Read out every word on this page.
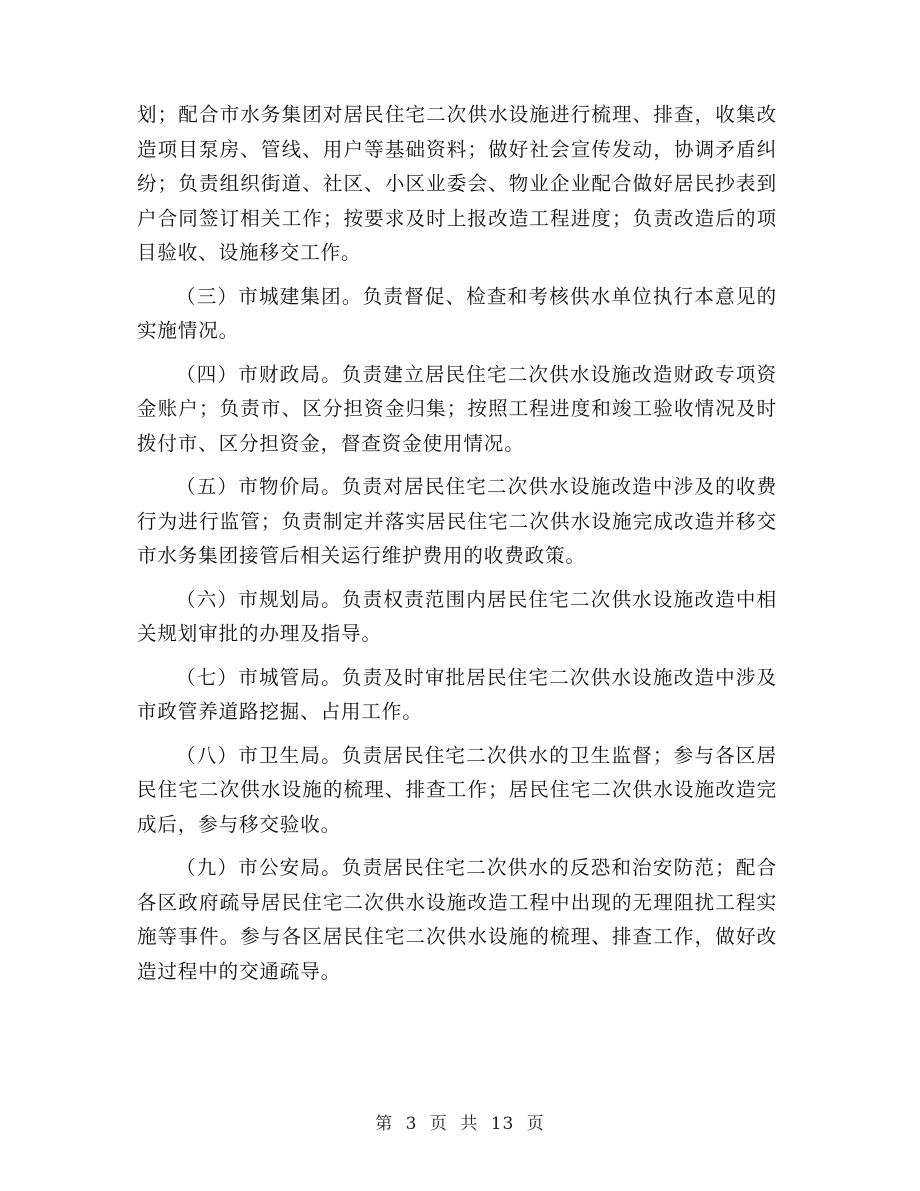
划；配合市水务集团对居民住宅二次供水设施进行梳理、排查，收集改造项目泵房、管线、用户等基础资料；做好社会宣传发动，协调矛盾纠纷；负责组织街道、社区、小区业委会、物业企业配合做好居民抄表到户合同签订相关工作；按要求及时上报改造工程进度；负责改造后的项目验收、设施移交工作。

（三）市城建集团。负责督促、检查和考核供水单位执行本意见的实施情况。

（四）市财政局。负责建立居民住宅二次供水设施改造财政专项资金账户；负责市、区分担资金归集；按照工程进度和竣工验收情况及时拨付市、区分担资金，督查资金使用情况。

（五）市物价局。负责对居民住宅二次供水设施改造中涉及的收费行为进行监管；负责制定并落实居民住宅二次供水设施完成改造并移交市水务集团接管后相关运行维护费用的收费政策。

（六）市规划局。负责权责范围内居民住宅二次供水设施改造中相关规划审批的办理及指导。

（七）市城管局。负责及时审批居民住宅二次供水设施改造中涉及市政管养道路挖掘、占用工作。

（八）市卫生局。负责居民住宅二次供水的卫生监督；参与各区居民住宅二次供水设施的梳理、排查工作；居民住宅二次供水设施改造完成后，参与移交验收。

（九）市公安局。负责居民住宅二次供水的反恐和治安防范；配合各区政府疏导居民住宅二次供水设施改造工程中出现的无理阻扰工程实施等事件。参与各区居民住宅二次供水设施的梳理、排查工作，做好改造过程中的交通疏导。

第 3 页 共 13 页
